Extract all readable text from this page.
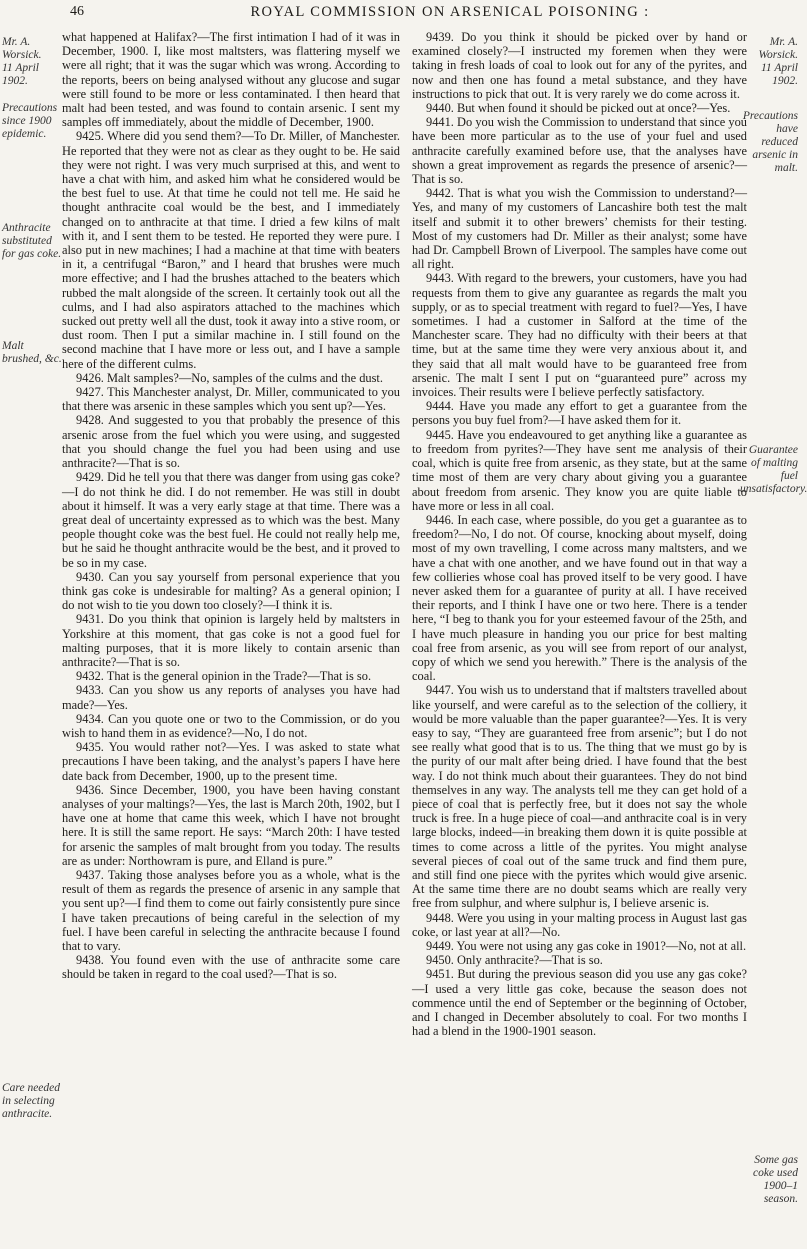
46	ROYAL COMMISSION ON ARSENICAL POISONING :
Mr. A. Worsick.
11 April 1902.
Precautions since 1900 epidemic.
Anthracite substituted for gas coke.
Malt brushed, &c.
Care needed in selecting anthracite.
Mr. A. Worsick.
11 April 1902.
Precautions have reduced arsenic in malt.
Guarantee of malting fuel unsatisfactory.
Some gas coke used 1900–1 season.

what happened at Halifax?—The first intimation I had of it was in December, 1900. I, like most maltsters, was flattering myself we were all right; that it was the sugar which was wrong. According to the reports, beers on being analysed without any glucose and sugar were still found to be more or less contaminated. I then heard that malt had been tested, and was found to contain arsenic. I sent my samples off immediately, about the middle of December, 1900.

9425. Where did you send them?—To Dr. Miller, of Manchester. He reported that they were not as clear as they ought to be. He said they were not right. I was very much surprised at this, and went to have a chat with him, and asked him what he considered would be the best fuel to use. At that time he could not tell me. He said he thought anthracite coal would be the best, and I immediately changed on to anthracite at that time. I dried a few kilns of malt with it, and I sent them to be tested. He reported they were pure. I also put in new machines; I had a machine at that time with beaters in it, a centrifugal “Baron,” and I heard that brushes were much more effective; and I had the brushes attached to the beaters which rubbed the malt alongside of the screen. It certainly took out all the culms, and I had also aspirators attached to the machines which sucked out pretty well all the dust, took it away into a stive room, or dust room. Then I put a similar machine in. I still found on the second machine that I have more or less out, and I have a sample here of the different culms.

9426. Malt samples?—No, samples of the culms and the dust.

9427. This Manchester analyst, Dr. Miller, communicated to you that there was arsenic in these samples which you sent up?—Yes.

9428. And suggested to you that probably the presence of this arsenic arose from the fuel which you were using, and suggested that you should change the fuel you had been using and use anthracite?—That is so.

9429. Did he tell you that there was danger from using gas coke?—I do not think he did. I do not remember. He was still in doubt about it himself. It was a very early stage at that time. There was a great deal of uncertainty expressed as to which was the best. Many people thought coke was the best fuel. He could not really help me, but he said he thought anthracite would be the best, and it proved to be so in my case.

9430. Can you say yourself from personal experience that you think gas coke is undesirable for malting? As a general opinion; I do not wish to tie you down too closely?—I think it is.

9431. Do you think that opinion is largely held by maltsters in Yorkshire at this moment, that gas coke is not a good fuel for malting purposes, that it is more likely to contain arsenic than anthracite?—That is so.

9432. That is the general opinion in the Trade?—That is so.

9433. Can you show us any reports of analyses you have had made?—Yes.

9434. Can you quote one or two to the Commission, or do you wish to hand them in as evidence?—No, I do not.

9435. You would rather not?—Yes. I was asked to state what precautions I have been taking, and the analyst’s papers I have here date back from December, 1900, up to the present time.

9436. Since December, 1900, you have been having constant analyses of your maltings?—Yes, the last is March 20th, 1902, but I have one at home that came this week, which I have not brought here. It is still the same report. He says: “March 20th: I have tested for arsenic the samples of malt brought from you today. The results are as under: Northowram is pure, and Elland is pure.”

9437. Taking those analyses before you as a whole, what is the result of them as regards the presence of arsenic in any sample that you sent up?—I find them to come out fairly consistently pure since I have taken precautions of being careful in the selection of my fuel. I have been careful in selecting the anthracite because I found that to vary.

9438. You found even with the use of anthracite some care should be taken in regard to the coal used?—That is so.

9439. Do you think it should be picked over by hand or examined closely?—I instructed my foremen when they were taking in fresh loads of coal to look out for any of the pyrites, and now and then one has found a metal substance, and they have instructions to pick that out. It is very rarely we do come across it.

9440. But when found it should be picked out at once?—Yes.

9441. Do you wish the Commission to understand that since you have been more particular as to the use of your fuel and used anthracite carefully examined before use, that the analyses have shown a great improvement as regards the presence of arsenic?—That is so.

9442. That is what you wish the Commission to understand?—Yes, and many of my customers of Lancashire both test the malt itself and submit it to other brewers’ chemists for their testing. Most of my customers had Dr. Miller as their analyst; some have had Dr. Campbell Brown of Liverpool. The samples have come out all right.

9443. With regard to the brewers, your customers, have you had requests from them to give any guarantee as regards the malt you supply, or as to special treatment with regard to fuel?—Yes, I have sometimes. I had a customer in Salford at the time of the Manchester scare. They had no difficulty with their beers at that time, but at the same time they were very anxious about it, and they said that all malt would have to be guaranteed free from arsenic. The malt I sent I put on “guaranteed pure” across my invoices. Their results were I believe perfectly satisfactory.

9444. Have you made any effort to get a guarantee from the persons you buy fuel from?—I have asked them for it.

9445. Have you endeavoured to get anything like a guarantee as to freedom from pyrites?—They have sent me analysis of their coal, which is quite free from arsenic, as they state, but at the same time most of them are very chary about giving you a guarantee about freedom from arsenic. They know you are quite liable to have more or less in all coal.

9446. In each case, where possible, do you get a guarantee as to freedom?—No, I do not. Of course, knocking about myself, doing most of my own travelling, I come across many maltsters, and we have a chat with one another, and we have found out in that way a few collieries whose coal has proved itself to be very good. I have never asked them for a guarantee of purity at all. I have received their reports, and I think I have one or two here. There is a tender here, “I beg to thank you for your esteemed favour of the 25th, and I have much pleasure in handing you our price for best malting coal free from arsenic, as you will see from report of our analyst, copy of which we send you herewith.” There is the analysis of the coal.

9447. You wish us to understand that if maltsters travelled about like yourself, and were careful as to the selection of the colliery, it would be more valuable than the paper guarantee?—Yes. It is very easy to say, “They are guaranteed free from arsenic”; but I do not see really what good that is to us. The thing that we must go by is the purity of our malt after being dried. I have found that the best way. I do not think much about their guarantees. They do not bind themselves in any way. The analysts tell me they can get hold of a piece of coal that is perfectly free, but it does not say the whole truck is free. In a huge piece of coal—and anthracite coal is in very large blocks, indeed—in breaking them down it is quite possible at times to come across a little of the pyrites. You might analyse several pieces of coal out of the same truck and find them pure, and still find one piece with the pyrites which would give arsenic. At the same time there are no doubt seams which are really very free from sulphur, and where sulphur is, I believe arsenic is.

9448. Were you using in your malting process in August last gas coke, or last year at all?—No.

9449. You were not using any gas coke in 1901?—No, not at all.

9450. Only anthracite?—That is so.

9451. But during the previous season did you use any gas coke?—I used a very little gas coke, because the season does not commence until the end of September or the beginning of October, and I changed in December absolutely to coal. For two months I had a blend in the 1900-1901 season.
